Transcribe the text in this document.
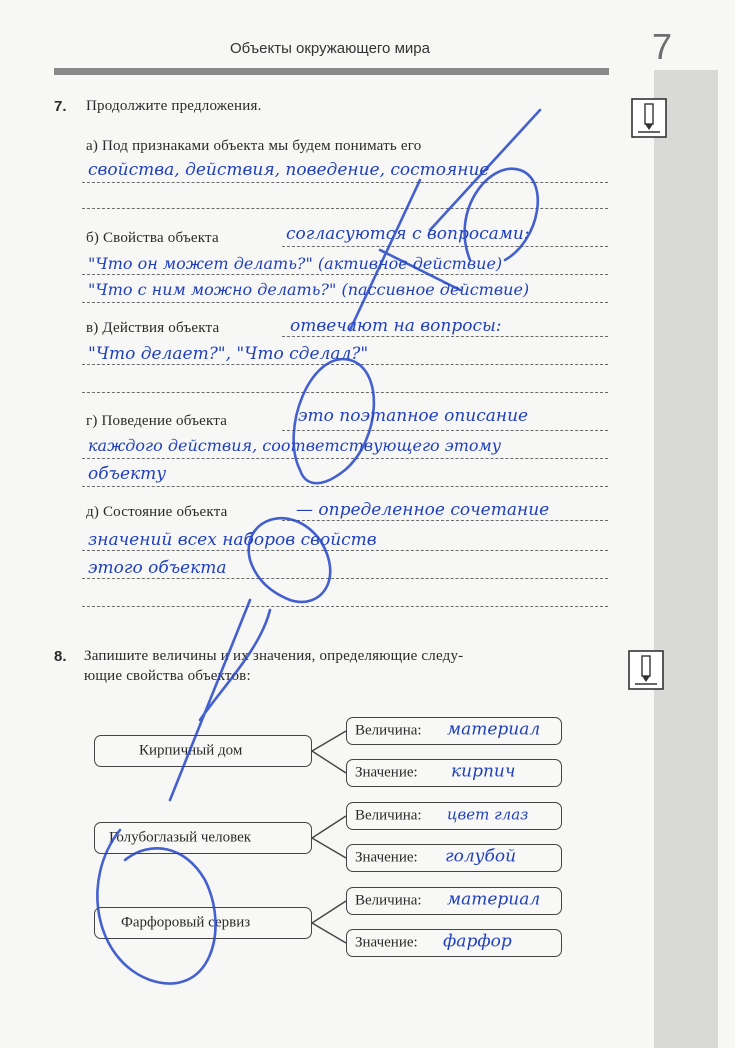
Объекты окружающего мира	7
7. Продолжите предложения.
а) Под признаками объекта мы будем понимать его
свойства, действия, поведение, состояние
б) Свойства объекта	согласуются с вопросами:
"Что он может делать?" (активное действие)
"Что с ним можно делать?" (пассивное действие)
в) Действия объекта	отвечают на вопросы:
"Что делает?", "Что сделал?"
г) Поведение объекта	это поэтапное описание
каждого действия, соответствующего этому
объекту
д) Состояние объекта	— определенное сочетание
значений всех наборов свойств
этого объекта
8. Запишите величины и их значения, определяющие следу-
ющие свойства объектов:
Кирпичный дом
Голубоглазый человек
Фарфоровый сервиз
Величина: материал
Значение: кирпич
Величина: цвет глаз
Значение: голубой
Величина: материал
Значение: фарфор
